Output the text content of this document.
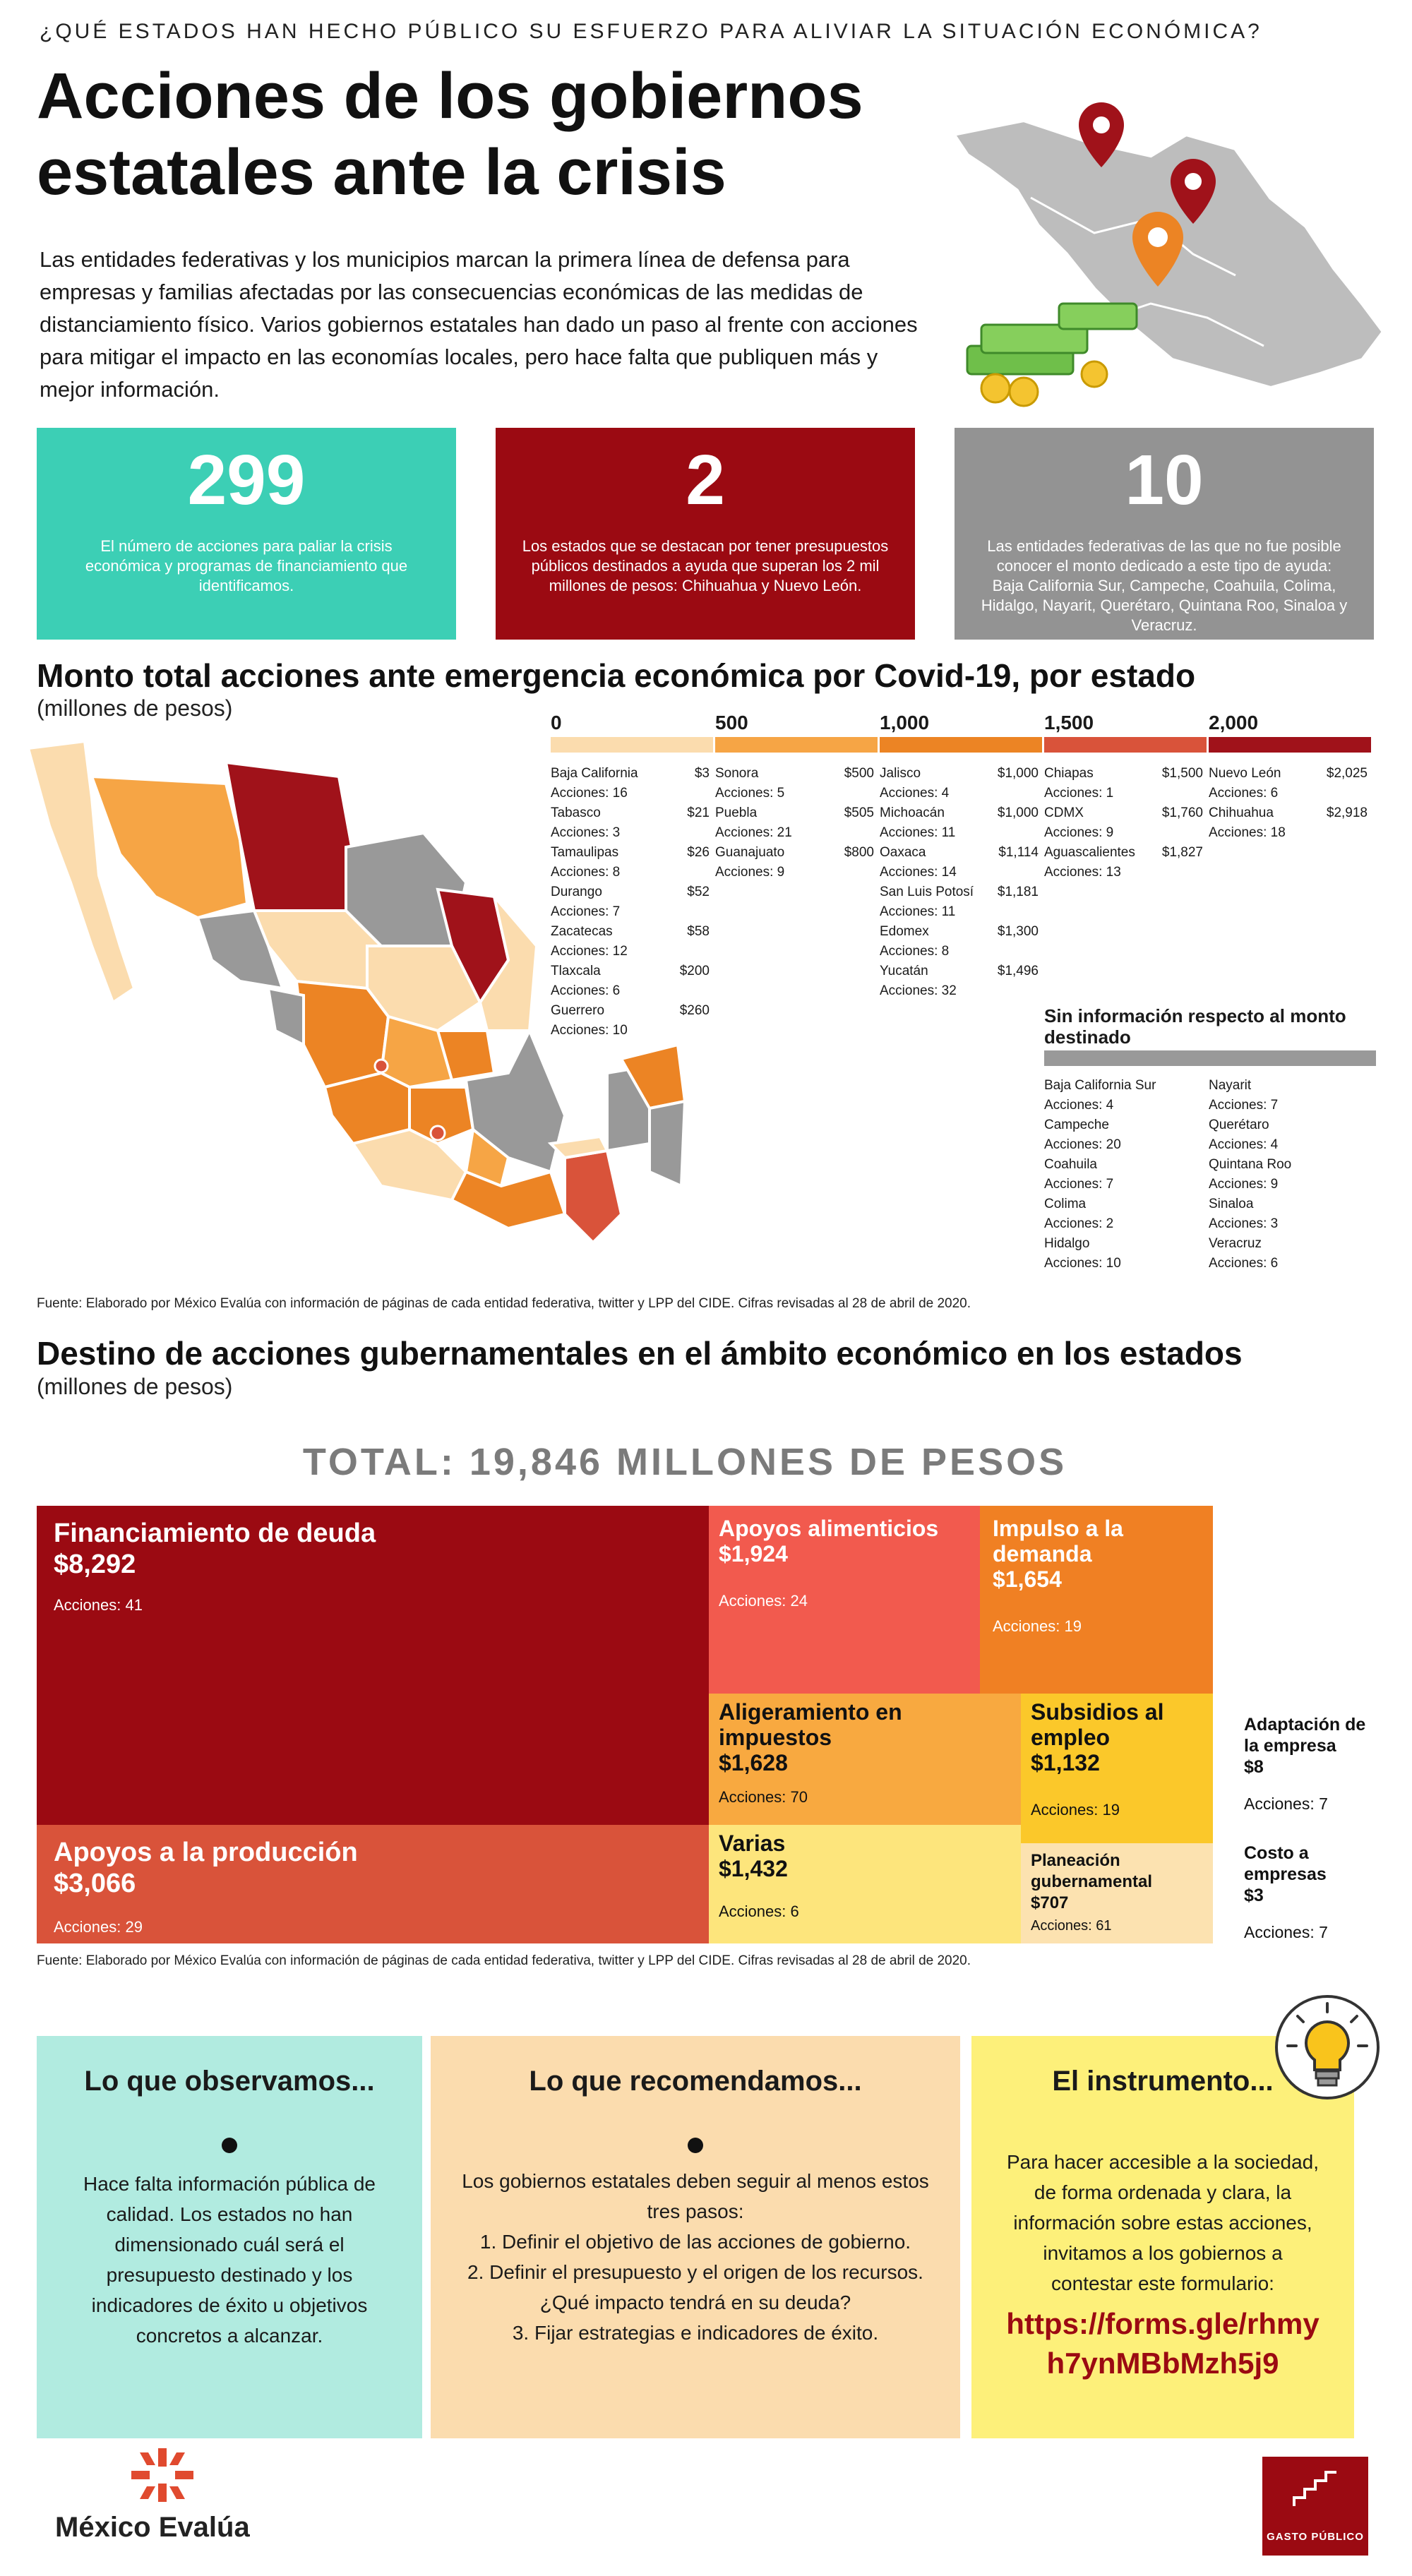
¿QUÉ ESTADOS HAN HECHO PÚBLICO SU ESFUERZO PARA ALIVIAR LA SITUACIÓN ECONÓMICA?
Acciones de los gobiernos
estatales ante la crisis
Las entidades federativas y los municipios marcan la primera línea de defensa para empresas y familias afectadas por las consecuencias económicas de las medidas de distanciamiento físico. Varios gobiernos estatales han dado un paso al frente con acciones para mitigar el impacto en las economías locales, pero hace falta que publiquen más y mejor información.
299
El número de acciones para paliar la crisis económica y programas de financiamiento que identificamos.
2
Los estados que se destacan por tener presupuestos públicos destinados a ayuda que superan los 2 mil millones de pesos: Chihuahua y Nuevo León.
10
Las entidades federativas de las que no fue posible conocer el monto dedicado a este tipo de ayuda: Baja California Sur, Campeche, Coahuila, Colima, Hidalgo, Nayarit, Querétaro, Quintana Roo, Sinaloa y Veracruz.
Monto total acciones ante emergencia económica por Covid-19, por estado
(millones de pesos)
0	500	1,000	1,500	2,000
Baja California	$3
Acciones: 16
Tabasco	$21
Acciones: 3
Tamaulipas	$26
Acciones: 8
Durango	$52
Acciones: 7
Zacatecas	$58
Acciones: 12
Tlaxcala	$200
Acciones: 6
Guerrero	$260
Acciones: 10
Sonora	$500
Acciones: 5
Puebla	$505
Acciones: 21
Guanajuato	$800
Acciones: 9
Jalisco	$1,000
Acciones: 4
Michoacán	$1,000
Acciones: 11
Oaxaca	$1,114
Acciones: 14
San Luis Potosí $1,181
Acciones: 11
Edomex	$1,300
Acciones: 8
Yucatán	$1,496
Acciones: 32
Chiapas	$1,500
Acciones: 1
CDMX	$1,760
Acciones: 9
Aguascalientes $1,827
Acciones: 13
Nuevo León	$2,025
Acciones: 6
Chihuahua	$2,918
Acciones: 18
Sin información respecto al monto destinado
Baja California Sur
Acciones: 4
Campeche
Acciones: 20
Coahuila
Acciones: 7
Colima
Acciones: 2
Hidalgo
Acciones: 10
Nayarit
Acciones: 7
Querétaro
Acciones: 4
Quintana Roo
Acciones: 9
Sinaloa
Acciones: 3
Veracruz
Acciones: 6
Fuente: Elaborado por México Evalúa con información de páginas de cada entidad federativa, twitter y LPP del CIDE. Cifras revisadas al 28 de abril de 2020.
Destino de acciones gubernamentales en el ámbito económico en los estados
(millones de pesos)
TOTAL: 19,846 MILLONES DE PESOS
Financiamiento de deuda
$8,292
Acciones: 41
Apoyos a la producción
$3,066
Acciones: 29
Apoyos alimenticios
$1,924
Acciones: 24
Impulso a la demanda
$1,654
Acciones: 19
Aligeramiento en impuestos
$1,628
Acciones: 70
Subsidios al empleo
$1,132
Acciones: 19
Varias
$1,432
Acciones: 6
Planeación gubernamental
$707
Acciones: 61
Adaptación de la empresa
$8
Acciones: 7
Costo a empresas
$3
Acciones: 7
Fuente: Elaborado por México Evalúa con información de páginas de cada entidad federativa, twitter y LPP del CIDE. Cifras revisadas al 28 de abril de 2020.
Lo que observamos...
Hace falta información pública de calidad. Los estados no han dimensionado cuál será el presupuesto destinado y los indicadores de éxito u objetivos concretos a alcanzar.
Lo que recomendamos...
Los gobiernos estatales deben seguir al menos estos tres pasos:
1. Definir el objetivo de las acciones de gobierno.
2. Definir el presupuesto y el origen de los recursos. ¿Qué impacto tendrá en su deuda?
3. Fijar estrategias e indicadores de éxito.
El instrumento...
Para hacer accesible a la sociedad, de forma ordenada y clara, la información sobre estas acciones, invitamos a los gobiernos a contestar este formulario:
https://forms.gle/rhmy
h7ynMBbMzh5j9
México Evalúa	GASTO PÚBLICO
